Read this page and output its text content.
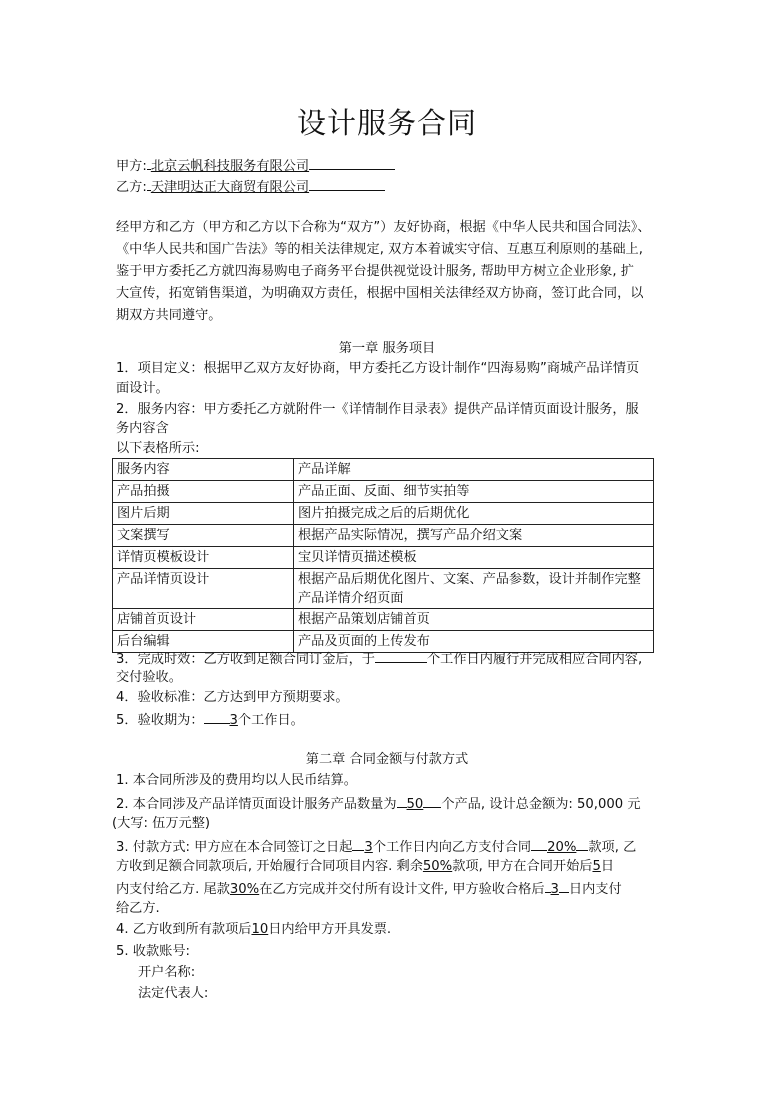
设计服务合同
甲方: 北京云帆科技服务有限公司
乙方: 天津明达正大商贸有限公司
经甲方和乙方（甲方和乙方以下合称为“双方”）友好协商，根据《中华人民共和国合同法》、
《中华人民共和国广告法》等的相关法律规定, 双方本着诚实守信、互惠互利原则的基础上,
鉴于甲方委托乙方就四海易购电子商务平台提供视觉设计服务, 帮助甲方树立企业形象, 扩
大宣传，拓宽销售渠道，为明确双方责任，根据中国相关法律经双方协商，签订此合同，以
期双方共同遵守。
第一章 服务项目
1．项目定义：根据甲乙双方友好协商，甲方委托乙方设计制作“四海易购”商城产品详情页
面设计。
2．服务内容：甲方委托乙方就附件一《详情制作目录表》提供产品详情页面设计服务，服
务内容含
以下表格所示:
服务内容	产品详解
产品拍摄	产品正面、反面、细节实拍等
图片后期	图片拍摄完成之后的后期优化
文案撰写	根据产品实际情况，撰写产品介绍文案
详情页模板设计	宝贝详情页描述模板
产品详情页设计	根据产品后期优化图片、文案、产品参数，设计并制作完整
产品详情介绍页面

店铺首页设计	根据产品策划店铺首页
后台编辑	产品及页面的上传发布
3．完成时效：乙方收到足额合同订金后，于	个工作日内履行并完成相应合同内容,
交付验收。
4．验收标准：乙方达到甲方预期要求。
5．验收期为： 3个工作日。
第二章 合同金额与付款方式
1. 本合同所涉及的费用均以人民币结算。
2. 本合同涉及产品详情页面设计服务产品数量为 50 个产品, 设计总金额为: 50,000 元
(大写: 伍万元整)
3. 付款方式: 甲方应在本合同签订之日起 3个工作日内向乙方支付合同 20% 款项, 乙
方收到足额合同款项后, 开始履行合同项目内容. 剩余50%款项, 甲方在合同开始后5日
内支付给乙方. 尾款30%在乙方完成并交付所有设计文件, 甲方验收合格后 3 日内支付
给乙方.
4. 乙方收到所有款项后10日内给甲方开具发票.
5. 收款账号:
开户名称:
法定代表人:
